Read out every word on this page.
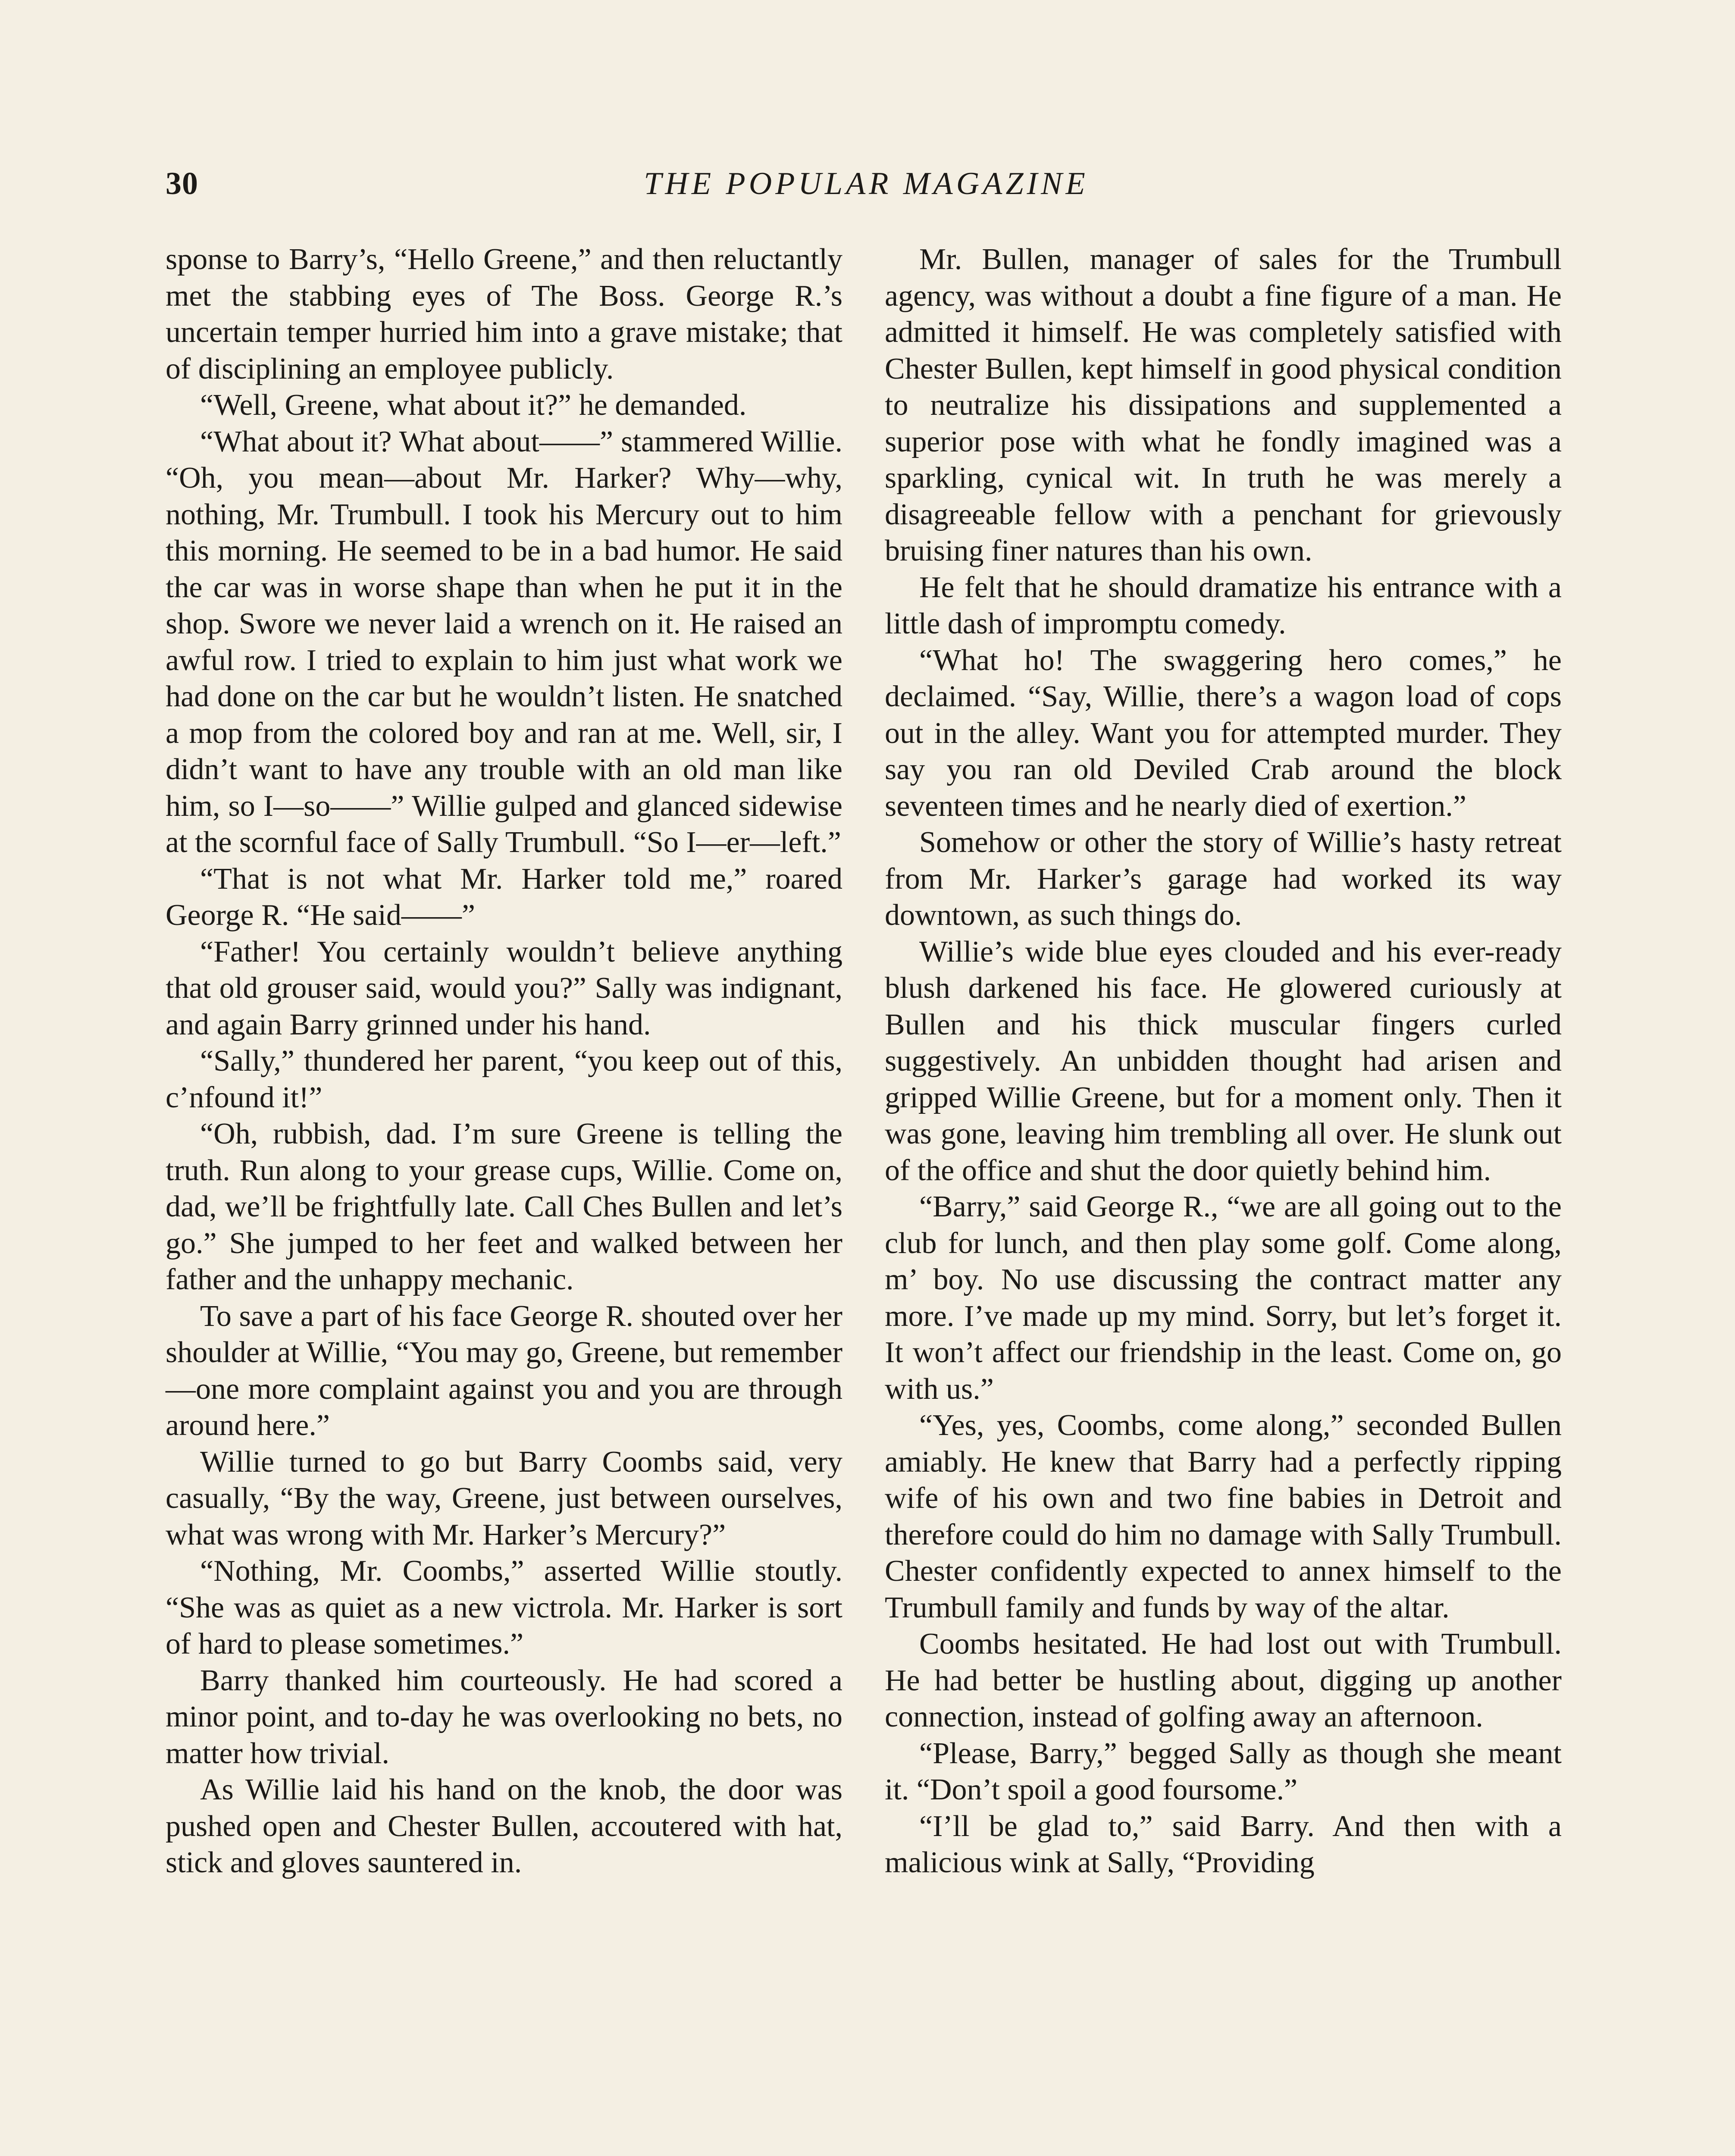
30	THE POPULAR MAGAZINE

sponse to Barry’s, “Hello Greene,” and then reluctantly met the stabbing eyes of The Boss. George R.’s uncertain temper hurried him into a grave mistake; that of disciplining an employee publicly.

“Well, Greene, what about it?” he demanded.

“What about it? What about——” stammered Willie. “Oh, you mean—about Mr. Harker? Why—why, nothing, Mr. Trumbull. I took his Mercury out to him this morning. He seemed to be in a bad humor. He said the car was in worse shape than when he put it in the shop. Swore we never laid a wrench on it. He raised an awful row. I tried to explain to him just what work we had done on the car but he wouldn’t listen. He snatched a mop from the colored boy and ran at me. Well, sir, I didn’t want to have any trouble with an old man like him, so I—so——” Willie gulped and glanced sidewise at the scornful face of Sally Trumbull. “So I—er—left.”

“That is not what Mr. Harker told me,” roared George R. “He said——”

“Father! You certainly wouldn’t believe anything that old grouser said, would you?” Sally was indignant, and again Barry grinned under his hand.

“Sally,” thundered her parent, “you keep out of this, c’nfound it!”

“Oh, rubbish, dad. I’m sure Greene is telling the truth. Run along to your grease cups, Willie. Come on, dad, we’ll be frightfully late. Call Ches Bullen and let’s go.” She jumped to her feet and walked between her father and the unhappy mechanic.

To save a part of his face George R. shouted over her shoulder at Willie, “You may go, Greene, but remember—one more complaint against you and you are through around here.”

Willie turned to go but Barry Coombs said, very casually, “By the way, Greene, just between ourselves, what was wrong with Mr. Harker’s Mercury?”

“Nothing, Mr. Coombs,” asserted Willie stoutly. “She was as quiet as a new victrola. Mr. Harker is sort of hard to please sometimes.”

Barry thanked him courteously. He had scored a minor point, and to-day he was overlooking no bets, no matter how trivial.

As Willie laid his hand on the knob, the door was pushed open and Chester Bullen, accoutered with hat, stick and gloves sauntered in.

Mr. Bullen, manager of sales for the Trumbull agency, was without a doubt a fine figure of a man. He admitted it himself. He was completely satisfied with Chester Bullen, kept himself in good physical condition to neutralize his dissipations and supplemented a superior pose with what he fondly imagined was a sparkling, cynical wit. In truth he was merely a disagreeable fellow with a penchant for grievously bruising finer natures than his own.

He felt that he should dramatize his entrance with a little dash of impromptu comedy.

“What ho! The swaggering hero comes,” he declaimed. “Say, Willie, there’s a wagon load of cops out in the alley. Want you for attempted murder. They say you ran old Deviled Crab around the block seventeen times and he nearly died of exertion.”

Somehow or other the story of Willie’s hasty retreat from Mr. Harker’s garage had worked its way downtown, as such things do.

Willie’s wide blue eyes clouded and his ever-ready blush darkened his face. He glowered curiously at Bullen and his thick muscular fingers curled suggestively. An unbidden thought had arisen and gripped Willie Greene, but for a moment only. Then it was gone, leaving him trembling all over. He slunk out of the office and shut the door quietly behind him.

“Barry,” said George R., “we are all going out to the club for lunch, and then play some golf. Come along, m’ boy. No use discussing the contract matter any more. I’ve made up my mind. Sorry, but let’s forget it. It won’t affect our friendship in the least. Come on, go with us.”

“Yes, yes, Coombs, come along,” seconded Bullen amiably. He knew that Barry had a perfectly ripping wife of his own and two fine babies in Detroit and therefore could do him no damage with Sally Trumbull. Chester confidently expected to annex himself to the Trumbull family and funds by way of the altar.

Coombs hesitated. He had lost out with Trumbull. He had better be hustling about, digging up another connection, instead of golfing away an afternoon.

“Please, Barry,” begged Sally as though she meant it. “Don’t spoil a good foursome.”

“I’ll be glad to,” said Barry. And then with a malicious wink at Sally, “Providing
